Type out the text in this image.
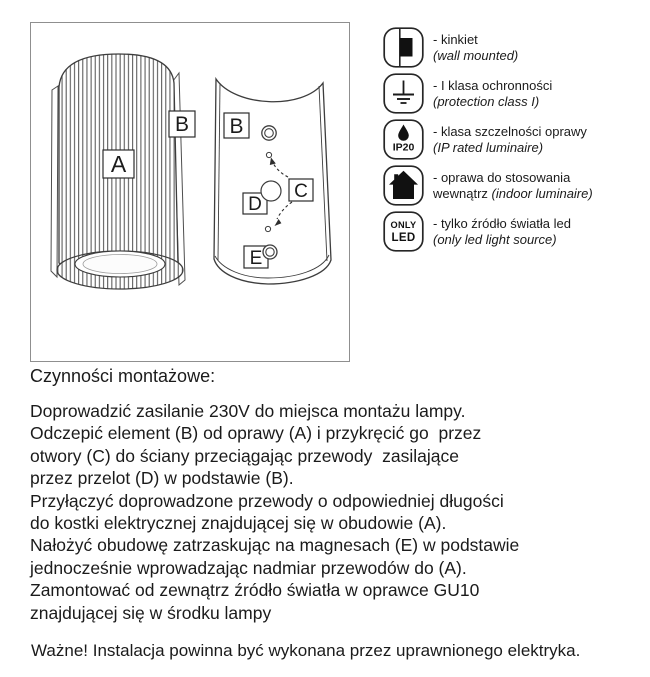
A
B B
D
C
E
- kinkiet
(wall mounted)
- I klasa ochronności
(protection class I)
IP20
- klasa szczelności oprawy
(IP rated luminaire)
- oprawa do stosowania
wewnątrz (indoor luminaire)
ONLY
LED
- tylko źródło światła led
(only led light source)
Czynności montażowe:
Doprowadzić zasilanie 230V do miejsca montażu lampy.
Odczepić element (B) od oprawy (A) i przykręcić go  przez
otwory (C) do ściany przeciągając przewody  zasilające
przez przelot (D) w podstawie (B).
Przyłączyć doprowadzone przewody o odpowiedniej długości
do kostki elektrycznej znajdującej się w obudowie (A).
Nałożyć obudowę zatrzaskując na magnesach (E) w podstawie
jednocześnie wprowadzając nadmiar przewodów do (A).
Zamontować od zewnątrz źródło światła w oprawce GU10
znajdującej się w środku lampy
Ważne! Instalacja powinna być wykonana przez uprawnionego elektryka.
